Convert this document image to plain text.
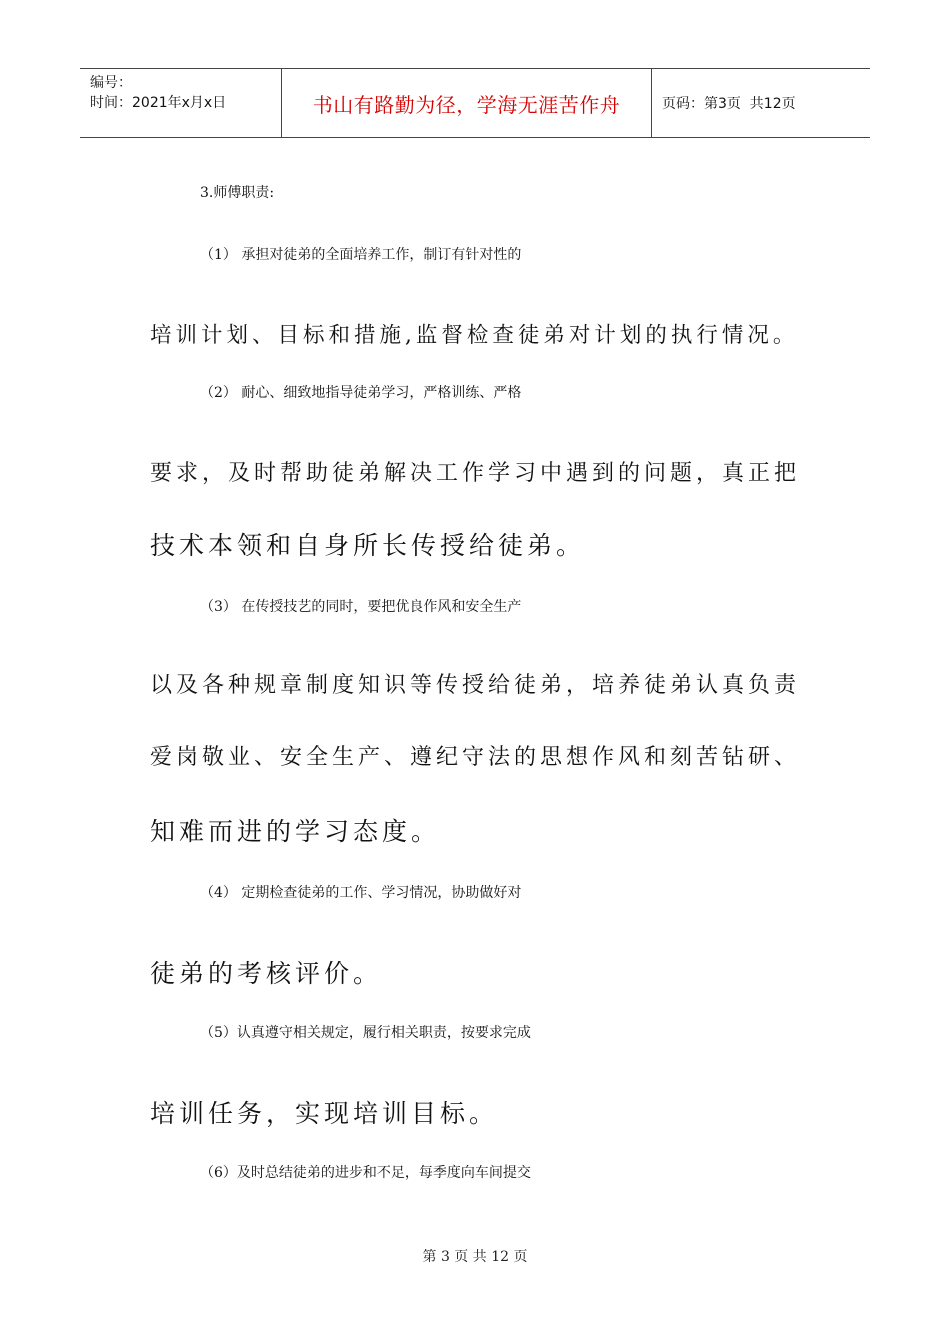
编号：
时间：2021年x月x日	书山有路勤为径，学海无涯苦作舟	页码：第3页  共12页

3.师傅职责:

（1） 承担对徒弟的全面培养工作，制订有针对性的

培训计划、目标和措施,监督检查徒弟对计划的执行情况。

（2） 耐心、细致地指导徒弟学习，严格训练、严格

要求，及时帮助徒弟解决工作学习中遇到的问题，真正把

技术本领和自身所长传授给徒弟。

（3） 在传授技艺的同时，要把优良作风和安全生产

以及各种规章制度知识等传授给徒弟，培养徒弟认真负责

爱岗敬业、安全生产、遵纪守法的思想作风和刻苦钻研、

知难而进的学习态度。

（4） 定期检查徒弟的工作、学习情况，协助做好对

徒弟的考核评价。

（5）认真遵守相关规定，履行相关职责，按要求完成

培训任务，实现培训目标。

（6）及时总结徒弟的进步和不足，每季度向车间提交

第 3 页 共 12 页
